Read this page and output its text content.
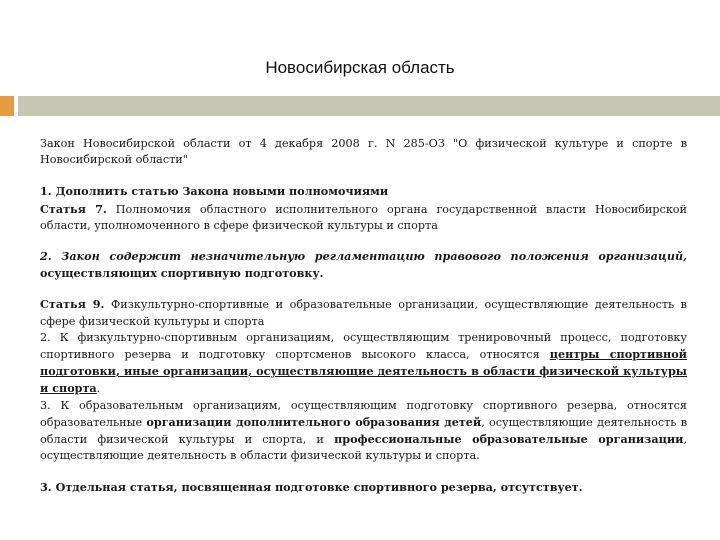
Новосибирская область

Закон Новосибирской области от 4 декабря 2008 г. N 285-ОЗ "О физической культуре и спорте в Новосибирской области"

1. Дополнить статью Закона новыми полномочиями

Статья 7. Полномочия областного исполнительного органа государственной власти Новосибирской области, уполномоченного в сфере физической культуры и спорта

2. Закон содержит незначительную регламентацию правового положения организаций,

осуществляющих спортивную подготовку.

Статья 9. Физкультурно-спортивные и образовательные организации, осуществляющие деятельность в сфере физической культуры и спорта

2. К физкультурно-спортивным организациям, осуществляющим тренировочный процесс, подготовку спортивного резерва и подготовку спортсменов высокого класса, относятся центры спортивной подготовки, иные организации, осуществляющие деятельность в области физической культуры и спорта.

3. К образовательным организациям, осуществляющим подготовку спортивного резерва, относятся образовательные организации дополнительного образования детей, осуществляющие деятельность в области физической культуры и спорта, и профессиональные образовательные организации, осуществляющие деятельность в области физической культуры и спорта.

3. Отдельная статья, посвященная подготовке спортивного резерва, отсутствует.
